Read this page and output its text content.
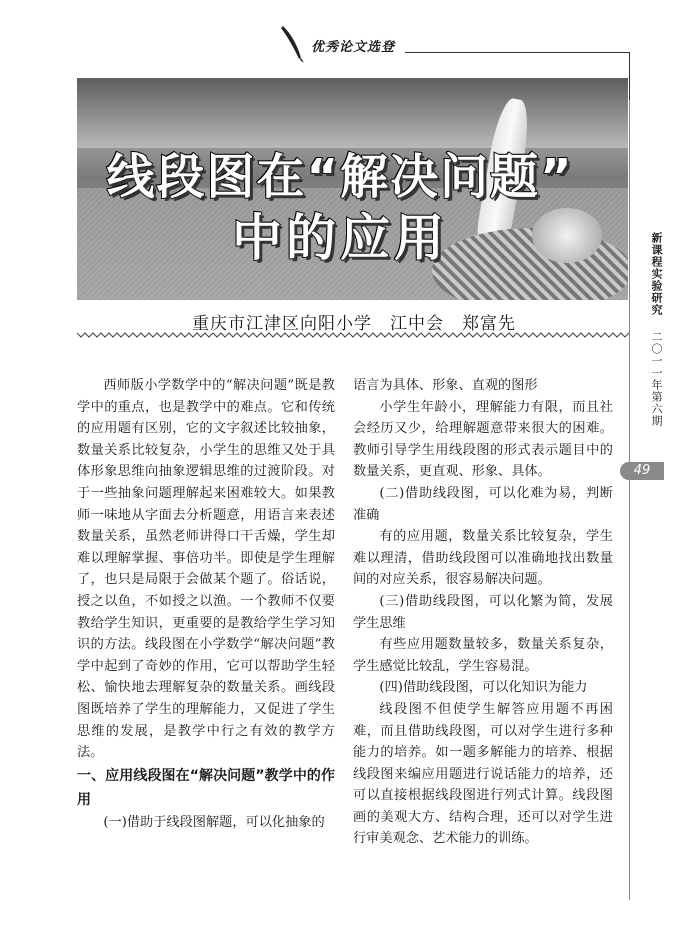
优秀论文选登
线段图在“解决问题”
中的应用
重庆市江津区向阳小学　江中会　郑富先

西师版小学数学中的“解决问题”既是教学中的重点，也是教学中的难点。它和传统的应用题有区别，它的文字叙述比较抽象，数量关系比较复杂，小学生的思维又处于具体形象思维向抽象逻辑思维的过渡阶段。对于一些抽象问题理解起来困难较大。如果教师一味地从字面去分析题意，用语言来表述数量关系，虽然老师讲得口干舌燥，学生却难以理解掌握、事倍功半。即使是学生理解了，也只是局限于会做某个题了。俗话说，授之以鱼，不如授之以渔。一个教师不仅要教给学生知识，更重要的是教给学生学习知识的方法。线段图在小学数学“解决问题”教学中起到了奇妙的作用，它可以帮助学生轻松、愉快地去理解复杂的数量关系。画线段图既培养了学生的理解能力，又促进了学生思维的发展，是教学中行之有效的教学方法。

一、应用线段图在“解决问题”教学中的作用

(一)借助于线段图解题，可以化抽象的

语言为具体、形象、直观的图形

小学生年龄小，理解能力有限，而且社会经历又少，给理解题意带来很大的困难。教师引导学生用线段图的形式表示题目中的数量关系，更直观、形象、具体。

(二)借助线段图，可以化难为易，判断准确

有的应用题，数量关系比较复杂，学生难以理清，借助线段图可以准确地找出数量间的对应关系，很容易解决问题。

(三)借助线段图，可以化繁为简，发展学生思维

有些应用题数量较多，数量关系复杂，学生感觉比较乱，学生容易混。

(四)借助线段图，可以化知识为能力

线段图不但使学生解答应用题不再困难，而且借助线段图，可以对学生进行多种能力的培养。如一题多解能力的培养、根据线段图来编应用题进行说话能力的培养，还可以直接根据线段图进行列式计算。线段图画的美观大方、结构合理，还可以对学生进行审美观念、艺术能力的训练。

新课程实验研究 二〇一一年第六期
49
